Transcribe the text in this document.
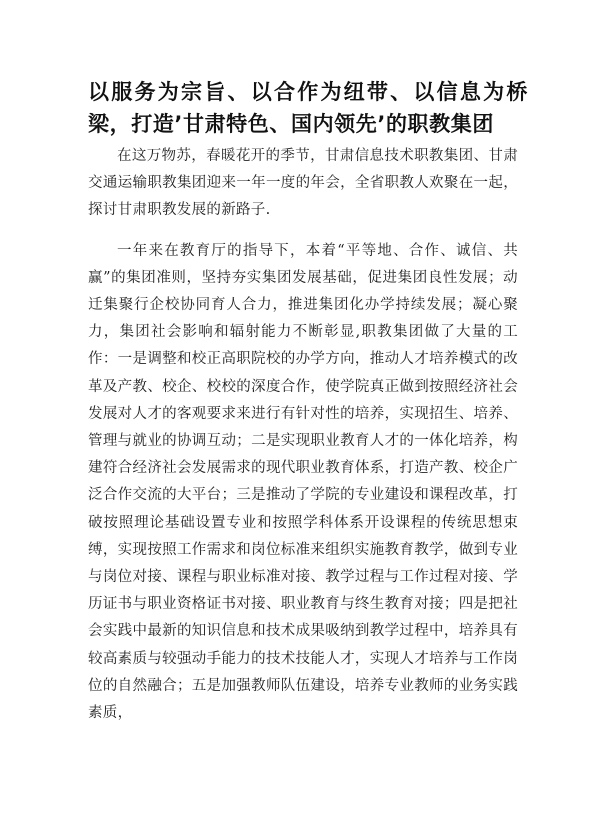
以服务为宗旨、以合作为纽带、以信息为桥梁，打造’甘肃特色、国内领先’的职教集团

在这万物苏，春暖花开的季节，甘肃信息技术职教集团、甘肃交通运输职教集团迎来一年一度的年会，全省职教人欢聚在一起，探讨甘肃职教发展的新路子.

一年来在教育厅的指导下，本着“平等地、合作、诚信、共赢”的集团准则，坚持夯实集团发展基础，促进集团良性发展；动迁集聚行企校协同育人合力，推进集团化办学持续发展；凝心聚力，集团社会影响和辐射能力不断彰显,职教集团做了大量的工作：一是调整和校正高职院校的办学方向，推动人才培养模式的改革及产教、校企、校校的深度合作，使学院真正做到按照经济社会发展对人才的客观要求来进行有针对性的培养，实现招生、培养、管理与就业的协调互动；二是实现职业教育人才的一体化培养，构建符合经济社会发展需求的现代职业教育体系，打造产教、校企广泛合作交流的大平台；三是推动了学院的专业建设和课程改革，打破按照理论基础设置专业和按照学科体系开设课程的传统思想束缚，实现按照工作需求和岗位标准来组织实施教育教学，做到专业与岗位对接、课程与职业标准对接、教学过程与工作过程对接、学历证书与职业资格证书对接、职业教育与终生教育对接；四是把社会实践中最新的知识信息和技术成果吸纳到教学过程中，培养具有较高素质与较强动手能力的技术技能人才，实现人才培养与工作岗位的自然融合；五是加强教师队伍建设，培养专业教师的业务实践素质，
